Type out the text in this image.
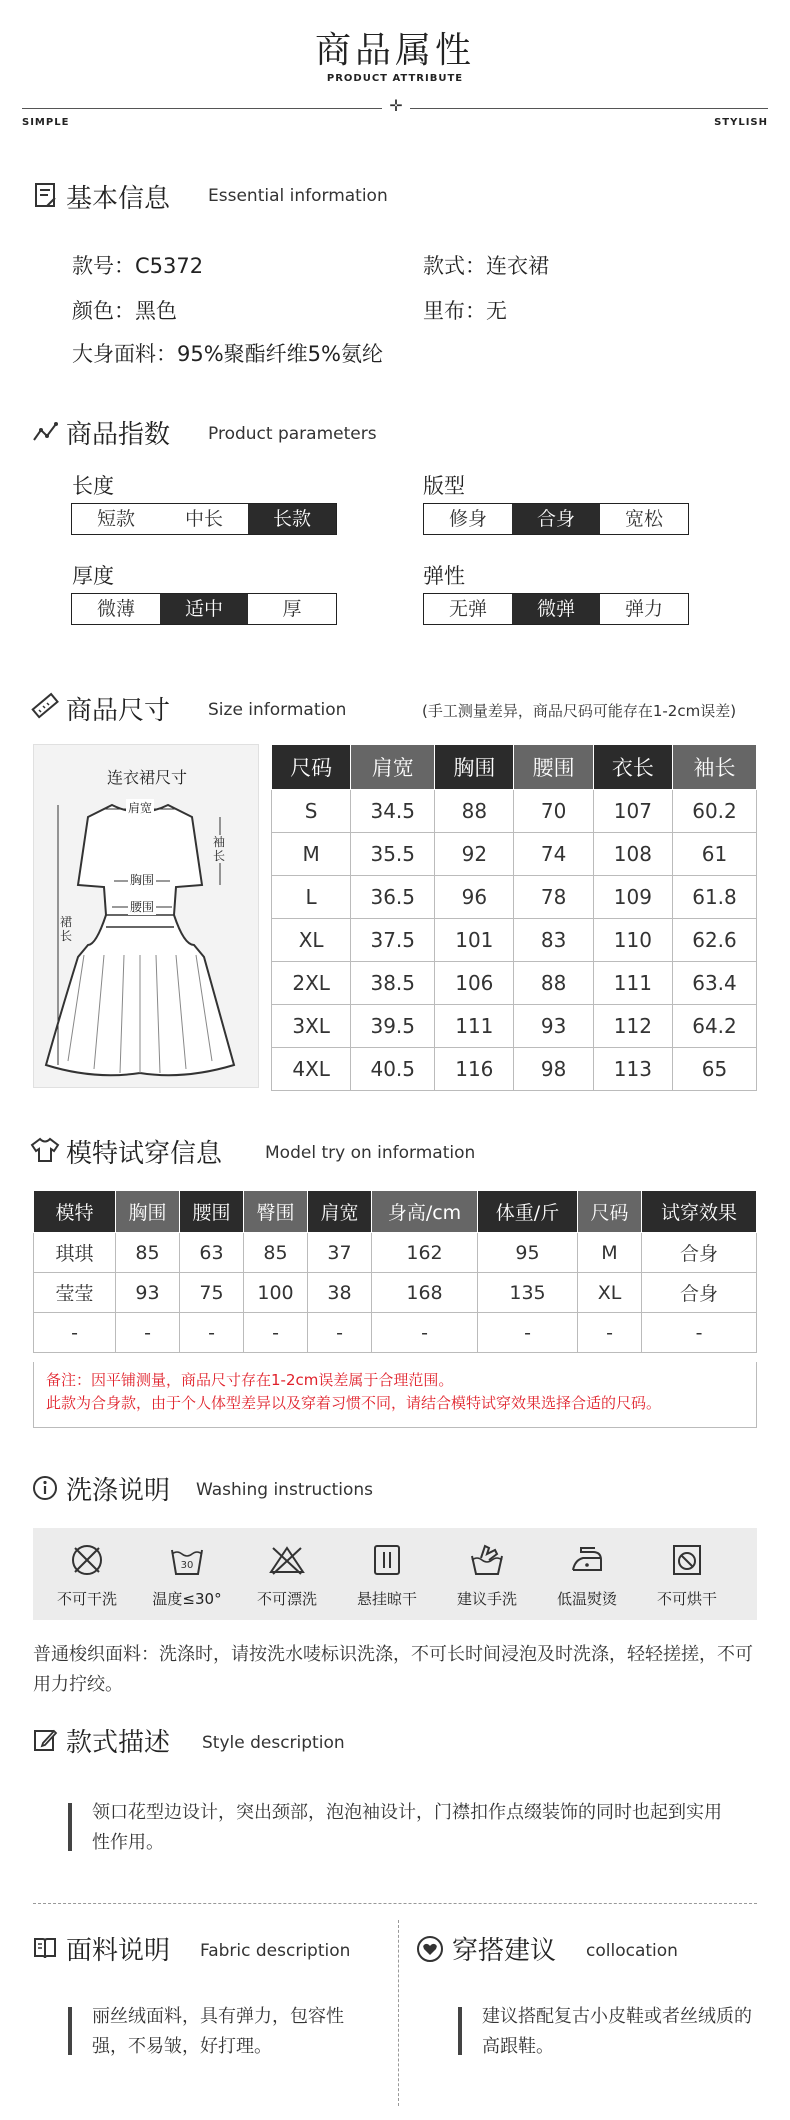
商品属性
PRODUCT ATTRIBUTE
✛
SIMPLE	STYLISH
基本信息 Essential information
款号：C5372	款式：连衣裙
颜色：黑色	里布：无
大身面料：95%聚酯纤维5%氨纶
商品指数 Product parameters
长度
短款	中长	长款
版型
修身	合身	宽松
厚度
微薄	适中	厚
弹性
无弹	微弹	弹力
商品尺寸 Size information	(手工测量差异，商品尺码可能存在1-2cm误差)
连衣裙尺寸
肩宽
胸围
腰围
裙长
袖长
尺码	肩宽	胸围	腰围	衣长	袖长
S	34.5	88	70	107	60.2
M	35.5	92	74	108	61
L	36.5	96	78	109	61.8
XL	37.5	101	83	110	62.6
2XL	38.5	106	88	111	63.4
3XL	39.5	111	93	112	64.2
4XL	40.5	116	98	113	65
模特试穿信息	Model try on information
模特	胸围	腰围	臀围	肩宽	身高/cm	体重/斤	尺码	试穿效果
琪琪	85	63	85	37	162	95	M	合身
莹莹	93	75	100	38	168	135	XL	合身
-	-	-	-	-	-	-	-	-
备注：因平铺测量，商品尺寸存在1-2cm误差属于合理范围。
此款为合身款，由于个人体型差异以及穿着习惯不同，请结合模特试穿效果选择合适的尺码。
洗涤说明 Washing instructions
不可干洗
30
温度≤30°	不可漂洗	悬挂晾干	建议手洗	低温熨烫	不可烘干
普通梭织面料：洗涤时，请按洗水唛标识洗涤，不可长时间浸泡及时洗涤，轻轻搓搓，不可用力拧绞。
款式描述 Style description
领口花型边设计，突出颈部，泡泡袖设计，门襟扣作点缀装饰的同时也起到实用性作用。
面料说明 Fabric description
丽丝绒面料，具有弹力，包容性强，不易皱，好打理。
穿搭建议 collocation
建议搭配复古小皮鞋或者丝绒质的高跟鞋。
